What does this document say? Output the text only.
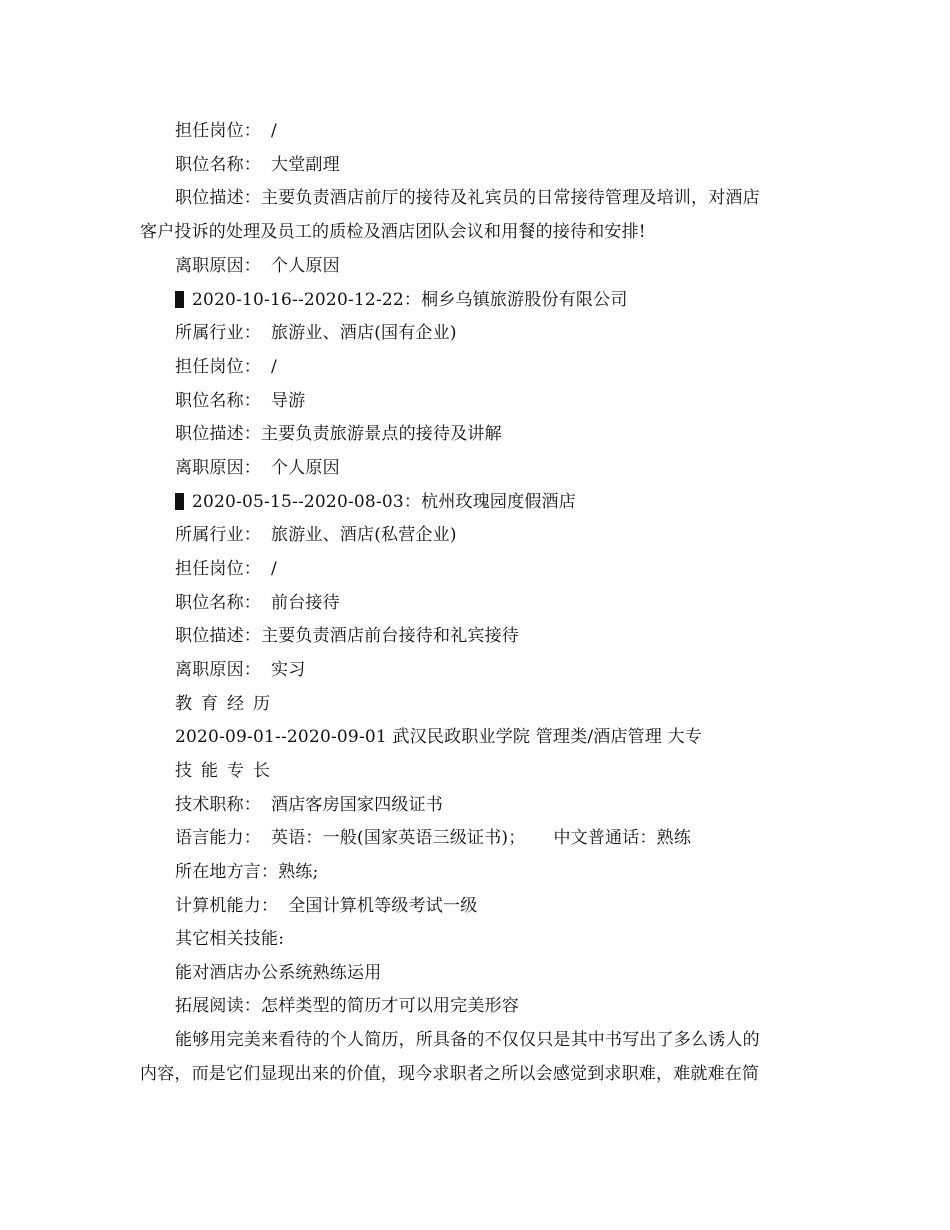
担任岗位： /
职位名称： 大堂副理
职位描述：主要负责酒店前厅的接待及礼宾员的日常接待管理及培训，对酒店
客户投诉的处理及员工的质检及酒店团队会议和用餐的接待和安排!
离职原因： 个人原因
2020-10-16--2020-12-22：桐乡乌镇旅游股份有限公司
所属行业： 旅游业、酒店(国有企业)
担任岗位： /
职位名称： 导游
职位描述：主要负责旅游景点的接待及讲解
离职原因： 个人原因
2020-05-15--2020-08-03：杭州玫瑰园度假酒店
所属行业： 旅游业、酒店(私营企业)
担任岗位： /
职位名称： 前台接待
职位描述：主要负责酒店前台接待和礼宾接待
离职原因： 实习
教育经历
2020-09-01--2020-09-01 武汉民政职业学院 管理类/酒店管理 大专
技能专长
技术职称： 酒店客房国家四级证书
语言能力： 英语：一般(国家英语三级证书)； 中文普通话：熟练
所在地方言：熟练;
计算机能力： 全国计算机等级考试一级
其它相关技能:
能对酒店办公系统熟练运用
拓展阅读：怎样类型的简历才可以用完美形容
能够用完美来看待的个人简历，所具备的不仅仅只是其中书写出了多么诱人的
内容，而是它们显现出来的价值，现今求职者之所以会感觉到求职难，难就难在简
